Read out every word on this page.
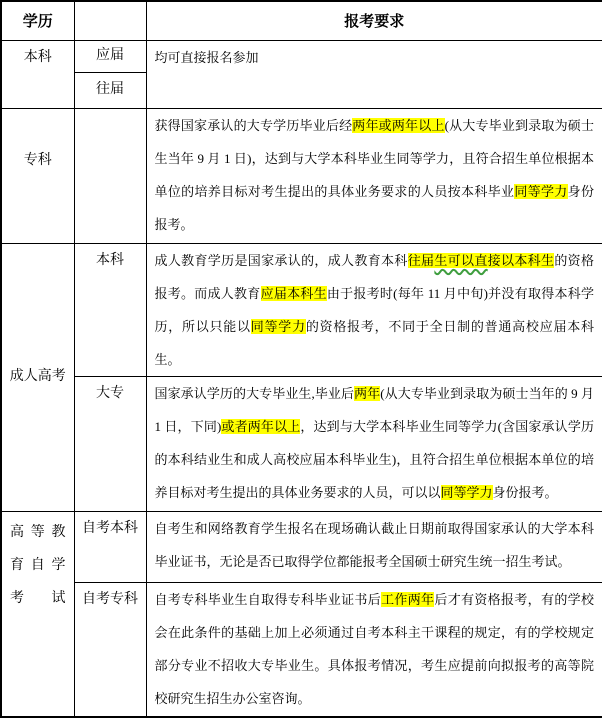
学历		报考要求
本科	应届	均可直接报名参加
	往届	
专科		获得国家承认的大专学历毕业后经两年或两年以上(从大专毕业到录取为硕士生当年 9 月 1 日)，达到与大学本科毕业生同等学力，且符合招生单位根据本单位的培养目标对考生提出的具体业务要求的人员按本科毕业同等学力身份报考。
成人高考	本科	成人教育学历是国家承认的，成人教育本科往届生可以直接以本科生的资格报考。而成人教育应届本科生由于报考时(每年 11 月中旬)并没有取得本科学历，所以只能以同等学力的资格报考，不同于全日制的普通高校应届本科生。
	大专	国家承认学历的大专毕业生,毕业后两年(从大专毕业到录取为硕士当年的 9 月 1 日，下同)或者两年以上，达到与大学本科毕业生同等学力(含国家承认学历的本科结业生和成人高校应届本科毕业生)，且符合招生单位根据本单位的培养目标对考生提出的具体业务要求的人员，可以以同等学力身份报考。
高等教育自学考试	自考本科	自考生和网络教育学生报名在现场确认截止日期前取得国家承认的大学本科毕业证书，无论是否已取得学位都能报考全国硕士研究生统一招生考试。
	自考专科	自考专科毕业生自取得专科毕业证书后工作两年后才有资格报考，有的学校会在此条件的基础上加上必须通过自考本科主干课程的规定，有的学校规定部分专业不招收大专毕业生。具体报考情况，考生应提前向拟报考的高等院校研究生招生办公室咨询。
